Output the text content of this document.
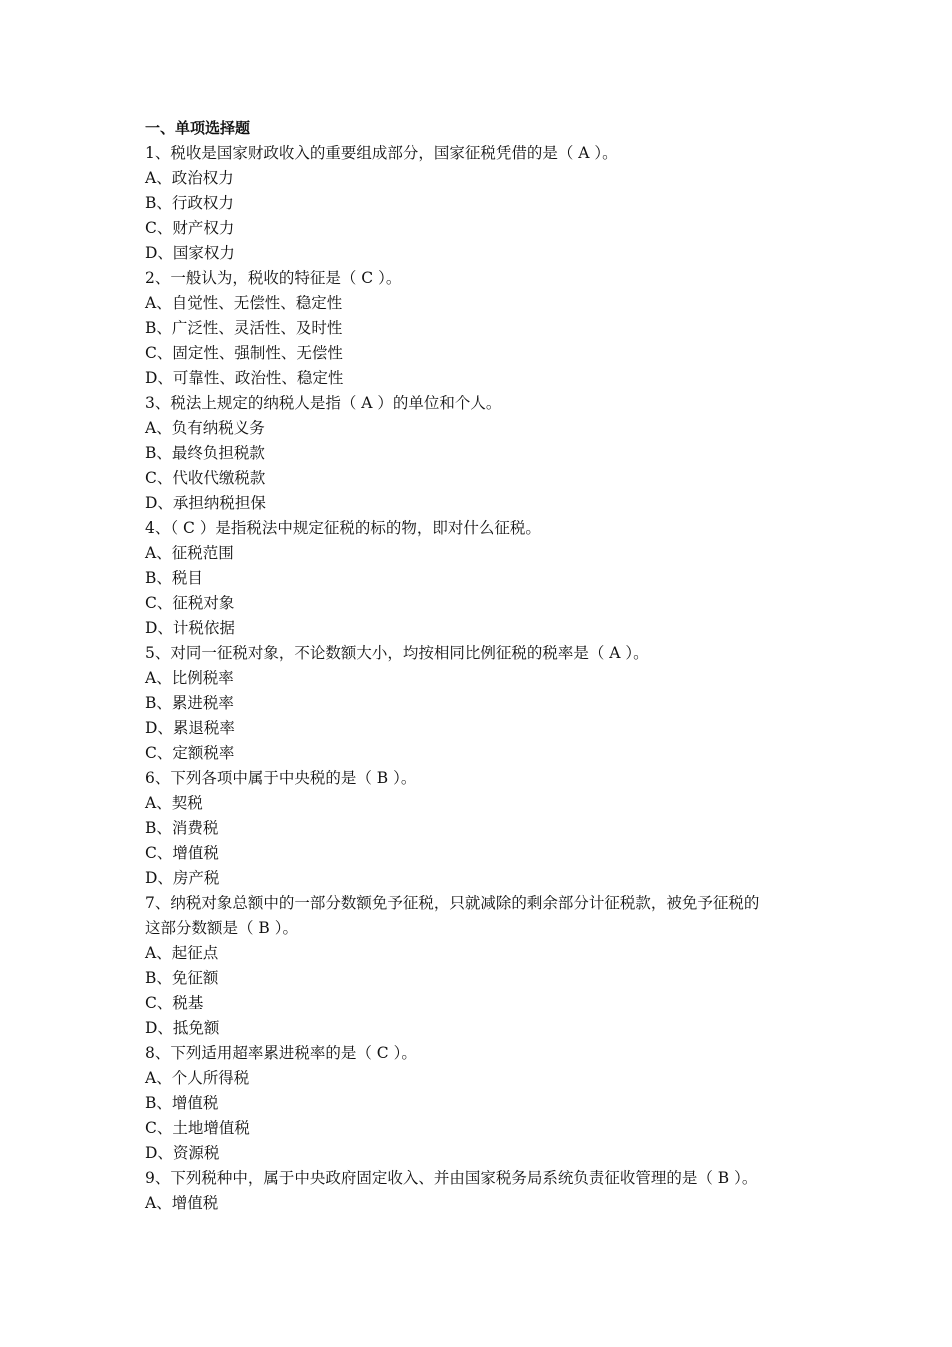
一、单项选择题
1、税收是国家财政收入的重要组成部分，国家征税凭借的是（ A ）。
A、政治权力
B、行政权力
C、财产权力
D、国家权力
2、一般认为，税收的特征是（ C ）。
A、自觉性、无偿性、稳定性
B、广泛性、灵活性、及时性
C、固定性、强制性、无偿性
D、可靠性、政治性、稳定性
3、税法上规定的纳税人是指（ A ）的单位和个人。
A、负有纳税义务
B、最终负担税款
C、代收代缴税款
D、承担纳税担保
4、（ C ）是指税法中规定征税的标的物，即对什么征税。
A、征税范围
B、税目
C、征税对象
D、计税依据
5、对同一征税对象，不论数额大小，均按相同比例征税的税率是（ A ）。
A、比例税率
B、累进税率
D、累退税率
C、定额税率
6、下列各项中属于中央税的是（ B ）。
A、契税
B、消费税
C、增值税
D、房产税
7、纳税对象总额中的一部分数额免予征税，只就减除的剩余部分计征税款，被免予征税的
这部分数额是（ B ）。
A、起征点
B、免征额
C、税基
D、抵免额
8、下列适用超率累进税率的是（ C ）。
A、个人所得税
B、增值税
C、土地增值税
D、资源税
9、下列税种中，属于中央政府固定收入、并由国家税务局系统负责征收管理的是（ B ）。
A、增值税
